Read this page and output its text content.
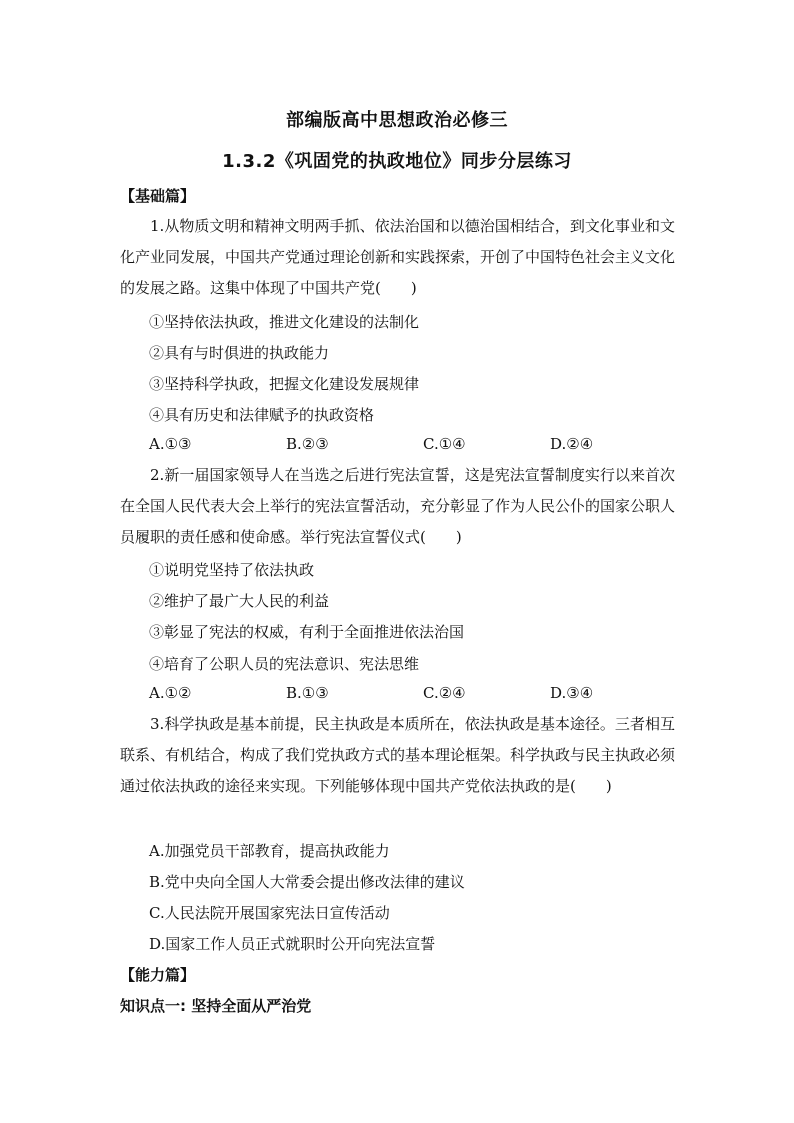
部编版高中思想政治必修三
1.3.2《巩固党的执政地位》同步分层练习
【基础篇】
1.从物质文明和精神文明两手抓、依法治国和以德治国相结合，到文化事业和文化产业同发展，中国共产党通过理论创新和实践探索，开创了中国特色社会主义文化的发展之路。这集中体现了中国共产党(　　)
①坚持依法执政，推进文化建设的法制化
②具有与时俱进的执政能力
③坚持科学执政，把握文化建设发展规律
④具有历史和法律赋予的执政资格
A.①③	B.②③	C.①④	D.②④
2.新一届国家领导人在当选之后进行宪法宣誓，这是宪法宣誓制度实行以来首次在全国人民代表大会上举行的宪法宣誓活动，充分彰显了作为人民公仆的国家公职人员履职的责任感和使命感。举行宪法宣誓仪式(　　)
①说明党坚持了依法执政
②维护了最广大人民的利益
③彰显了宪法的权威，有利于全面推进依法治国
④培育了公职人员的宪法意识、宪法思维
A.①②	B.①③	C.②④	D.③④
3.科学执政是基本前提，民主执政是本质所在，依法执政是基本途径。三者相互联系、有机结合，构成了我们党执政方式的基本理论框架。科学执政与民主执政必须通过依法执政的途径来实现。下列能够体现中国共产党依法执政的是(　　)
A.加强党员干部教育，提高执政能力
B.党中央向全国人大常委会提出修改法律的建议
C.人民法院开展国家宪法日宣传活动
D.国家工作人员正式就职时公开向宪法宣誓
【能力篇】
知识点一: 坚持全面从严治党
